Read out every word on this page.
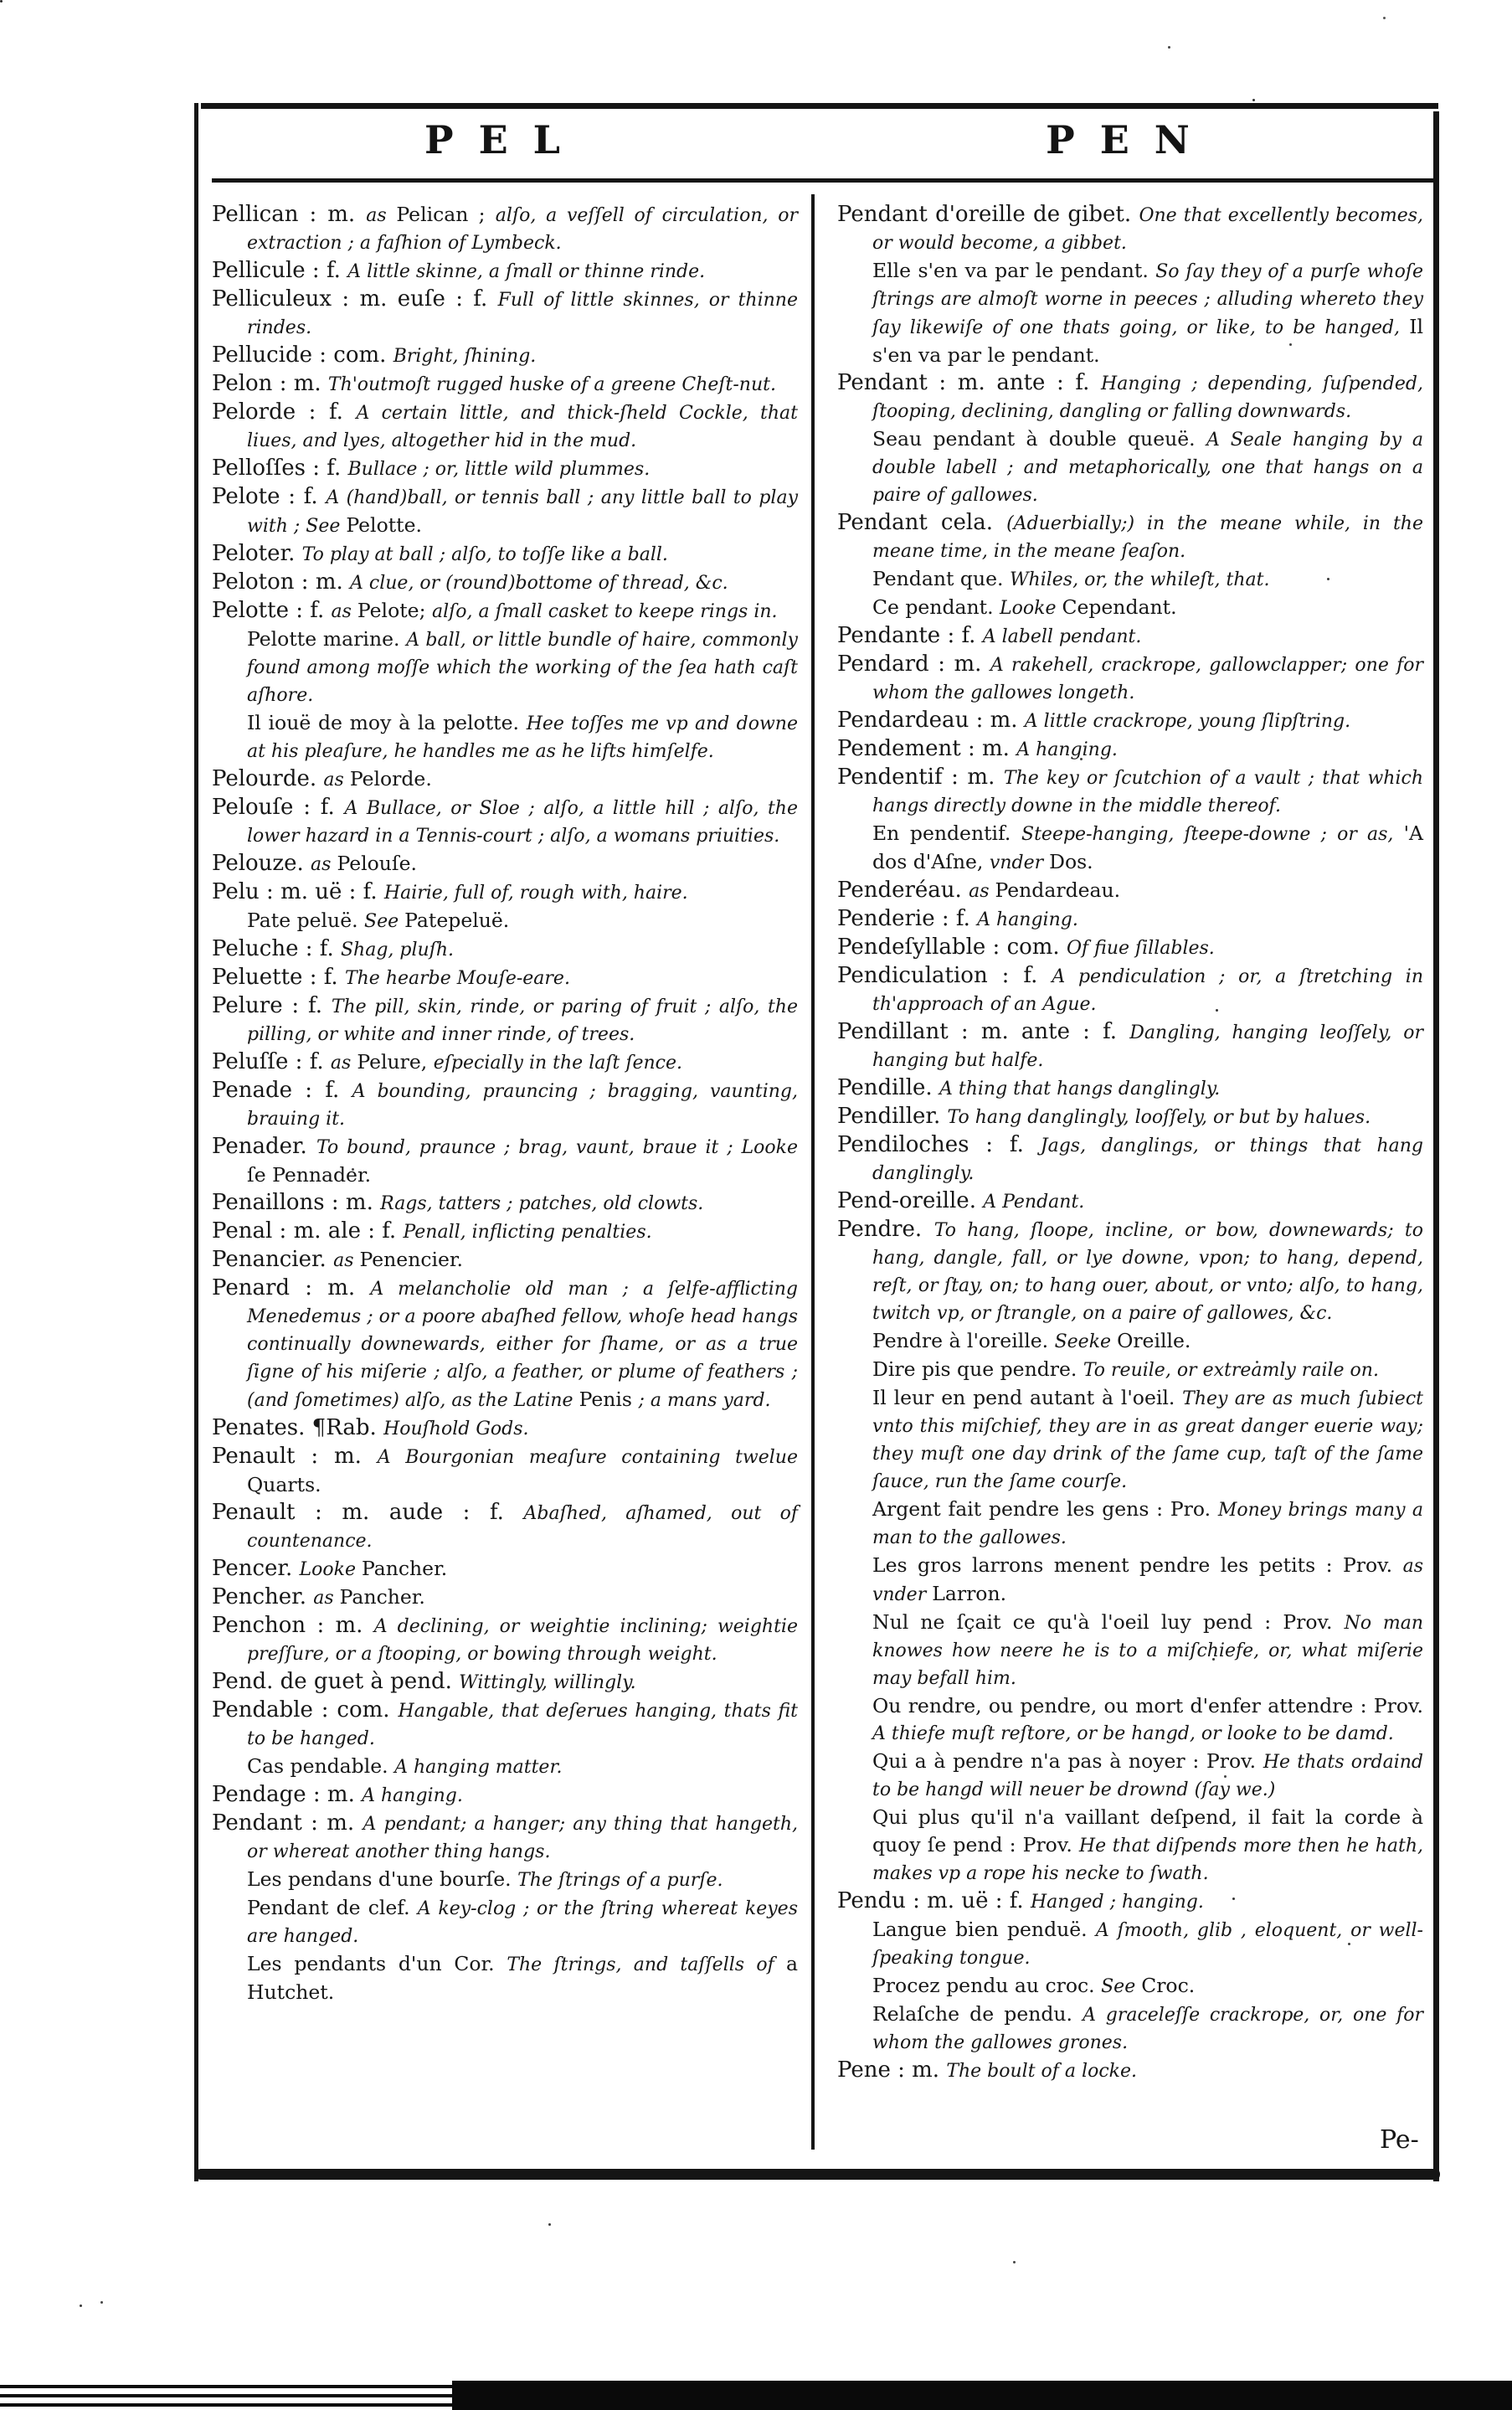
PEL	PEN

Pellican : m. as Pelican ; alſo, a veſſell of circulation, or extraction ; a faſhion of Lymbeck.

Pellicule : f. A little skinne, a ſmall or thinne rinde.

Pelliculeux : m. euſe : f. Full of little skinnes, or thinne rindes.

Pellucide : com. Bright, ſhining.

Pelon : m. Th'outmoſt rugged huske of a greene Cheſt-nut.

Pelorde : f. A certain little, and thick-ſheld Cockle, that liues, and lyes, altogether hid in the mud.

Pelloſſes : f. Bullace ; or, little wild plummes.

Pelote : f. A (hand)ball, or tennis ball ; any little ball to play with ; See Pelotte.

Peloter. To play at ball ; alſo, to toſſe like a ball.

Peloton : m. A clue, or (round)bottome of thread, &c.

Pelotte : f. as Pelote; alſo, a ſmall casket to keepe rings in.

Pelotte marine. A ball, or little bundle of haire, commonly found among moſſe which the working of the ſea hath caſt aſhore.

Il iouë de moy à la pelotte. Hee toſſes me vp and downe at his pleaſure, he handles me as he lifts himſelfe.

Pelourde. as Pelorde.

Pelouſe : f. A Bullace, or Sloe ; alſo, a little hill ; alſo, the lower hazard in a Tennis-court ; alſo, a womans priuities.

Pelouze. as Pelouſe.

Pelu : m. uë : f. Hairie, full of, rough with, haire.

Pate peluë. See Patepeluë.

Peluche : f. Shag, pluſh.

Peluette : f. The hearbe Mouſe-eare.

Pelure : f. The pill, skin, rinde, or paring of fruit ; alſo, the pilling, or white and inner rinde, of trees.

Peluſſe : f. as Pelure, eſpecially in the laſt ſence.

Penade : f. A bounding, prauncing ; bragging, vaunting, brauing it.

Penader. To bound, praunce ; brag, vaunt, braue it ; Looke ſe Pennader.

Penaillons : m. Rags, tatters ; patches, old clowts.

Penal : m. ale : f. Penall, inflicting penalties.

Penancier. as Penencier.

Penard : m. A melancholie old man ; a ſelfe-afflicting Menedemus ; or a poore abaſhed fellow, whoſe head hangs continually downewards, either for ſhame, or as a true ſigne of his miſerie ; alſo, a feather, or plume of feathers ; (and ſometimes) alſo, as the Latine Penis ; a mans yard.

Penates. ¶Rab. Houſhold Gods.

Penault : m. A Bourgonian meaſure containing twelue Quarts.

Penault : m. aude : f. Abaſhed, aſhamed, out of countenance.

Pencer. Looke Pancher.

Pencher. as Pancher.

Penchon : m. A declining, or weightie inclining; weightie preſſure, or a ſtooping, or bowing through weight.

Pend. de guet à pend. Wittingly, willingly.

Pendable : com. Hangable, that deſerues hanging, thats fit to be hanged.

Cas pendable. A hanging matter.

Pendage : m. A hanging.

Pendant : m. A pendant; a hanger; any thing that hangeth, or whereat another thing hangs.

Les pendans d'une bourſe. The ſtrings of a purſe.

Pendant de clef. A key-clog ; or the ſtring whereat keyes are hanged.

Les pendants d'un Cor. The ſtrings, and taſſells of a Hutchet.

Pendant d'oreille de gibet. One that excellently becomes, or would become, a gibbet.

Elle s'en va par le pendant. So ſay they of a purſe whoſe ſtrings are almoſt worne in peeces ; alluding whereto they ſay likewiſe of one thats going, or like, to be hanged, Il s'en va par le pendant.

Pendant : m. ante : f. Hanging ; depending, ſuſpended, ſtooping, declining, dangling or falling downwards.

Seau pendant à double queuë. A Seale hanging by a double labell ; and metaphorically, one that hangs on a paire of gallowes.

Pendant cela. (Aduerbially;) in the meane while, in the meane time, in the meane ſeaſon.

Pendant que. Whiles, or, the whileſt, that.

Ce pendant. Looke Cependant.

Pendante : f. A labell pendant.

Pendard : m. A rakehell, crackrope, gallowclapper; one for whom the gallowes longeth.

Pendardeau : m. A little crackrope, young ſlipſtring.

Pendement : m. A hanging.

Pendentif : m. The key or ſcutchion of a vault ; that which hangs directly downe in the middle thereof.

En pendentif. Steepe-hanging, ſteepe-downe ; or as, 'A dos d'Aſne, vnder Dos.

Penderéau. as Pendardeau.

Penderie : f. A hanging.

Pendeſyllable : com. Of fiue ſillables.

Pendiculation : f. A pendiculation ; or, a ſtretching in th'approach of an Ague.

Pendillant : m. ante : f. Dangling, hanging leoſſely, or hanging but halfe.

Pendille. A thing that hangs danglingly.

Pendiller. To hang danglingly, looſſely, or but by halues.

Pendiloches : f. Jags, danglings, or things that hang danglingly.

Pend-oreille. A Pendant.

Pendre. To hang, ſloope, incline, or bow, downewards; to hang, dangle, fall, or lye downe, vpon; to hang, depend, reſt, or ſtay, on; to hang ouer, about, or vnto; alſo, to hang, twitch vp, or ſtrangle, on a paire of gallowes, &c.

Pendre à l'oreille. Seeke Oreille.

Dire pis que pendre. To reuile, or extreamly raile on.

Il leur en pend autant à l'oeil. They are as much ſubiect vnto this miſchief, they are in as great danger euerie way; they muſt one day drink of the ſame cup, taſt of the ſame ſauce, run the ſame courſe.

Argent fait pendre les gens : Pro. Money brings many a man to the gallowes.

Les gros larrons menent pendre les petits : Prov. as vnder Larron.

Nul ne ſçait ce qu'à l'oeil luy pend : Prov. No man knowes how neere he is to a miſchiefe, or, what miſerie may befall him.

Ou rendre, ou pendre, ou mort d'enfer attendre : Prov. A thiefe muſt reſtore, or be hangd, or looke to be damd.

Qui a à pendre n'a pas à noyer : Prov. He thats ordaind to be hangd will neuer be drownd (ſay we.)

Qui plus qu'il n'a vaillant deſpend, il fait la corde à quoy ſe pend : Prov. He that diſpends more then he hath, makes vp a rope his necke to ſwath.

Pendu : m. uë : f. Hanged ; hanging.

Langue bien penduë. A ſmooth, glib , eloquent, or well-ſpeaking tongue.

Procez pendu au croc. See Croc.

Relaſche de pendu. A graceleſſe crackrope, or, one for whom the gallowes grones.

Pene : m. The boult of a locke.

Pe-
